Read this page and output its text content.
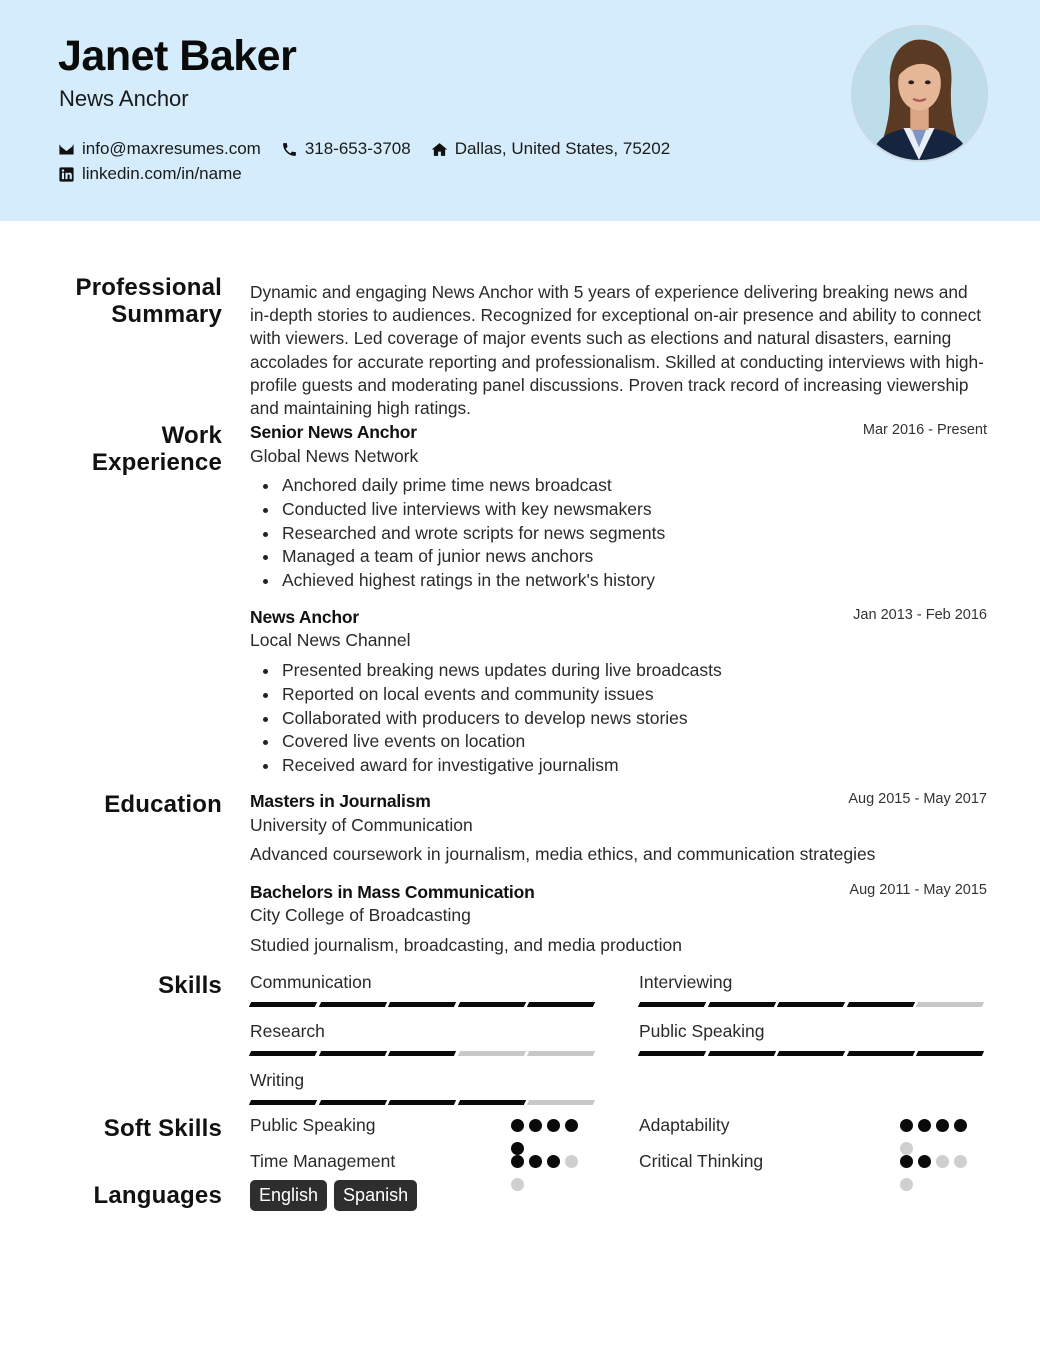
Janet Baker
News Anchor
info@maxresumes.com	318-653-3708	Dallas, United States, 75202
linkedin.com/in/name
Professional
Summary
Dynamic and engaging News Anchor with 5 years of experience delivering breaking news and in-depth stories to audiences. Recognized for exceptional on-air presence and ability to connect with viewers. Led coverage of major events such as elections and natural disasters, earning accolades for accurate reporting and professionalism. Skilled at conducting interviews with high-profile guests and moderating panel discussions. Proven track record of increasing viewership and maintaining high ratings.
Work
Experience
Senior News Anchor	Mar 2016 - Present
Global News Network
Anchored daily prime time news broadcast
Conducted live interviews with key newsmakers
Researched and wrote scripts for news segments
Managed a team of junior news anchors
Achieved highest ratings in the network's history
News Anchor	Jan 2013 - Feb 2016
Local News Channel
Presented breaking news updates during live broadcasts
Reported on local events and community issues
Collaborated with producers to develop news stories
Covered live events on location
Received award for investigative journalism
Education Masters in Journalism	Aug 2015 - May 2017
University of Communication
Advanced coursework in journalism, media ethics, and communication strategies
Bachelors in Mass Communication	Aug 2011 - May 2015
City College of Broadcasting
Studied journalism, broadcasting, and media production
Skills Communication	Interviewing
Research	Public Speaking
Writing
Soft Skills Public Speaking	Adaptability
Time Management	Critical Thinking
Languages	English	Spanish
